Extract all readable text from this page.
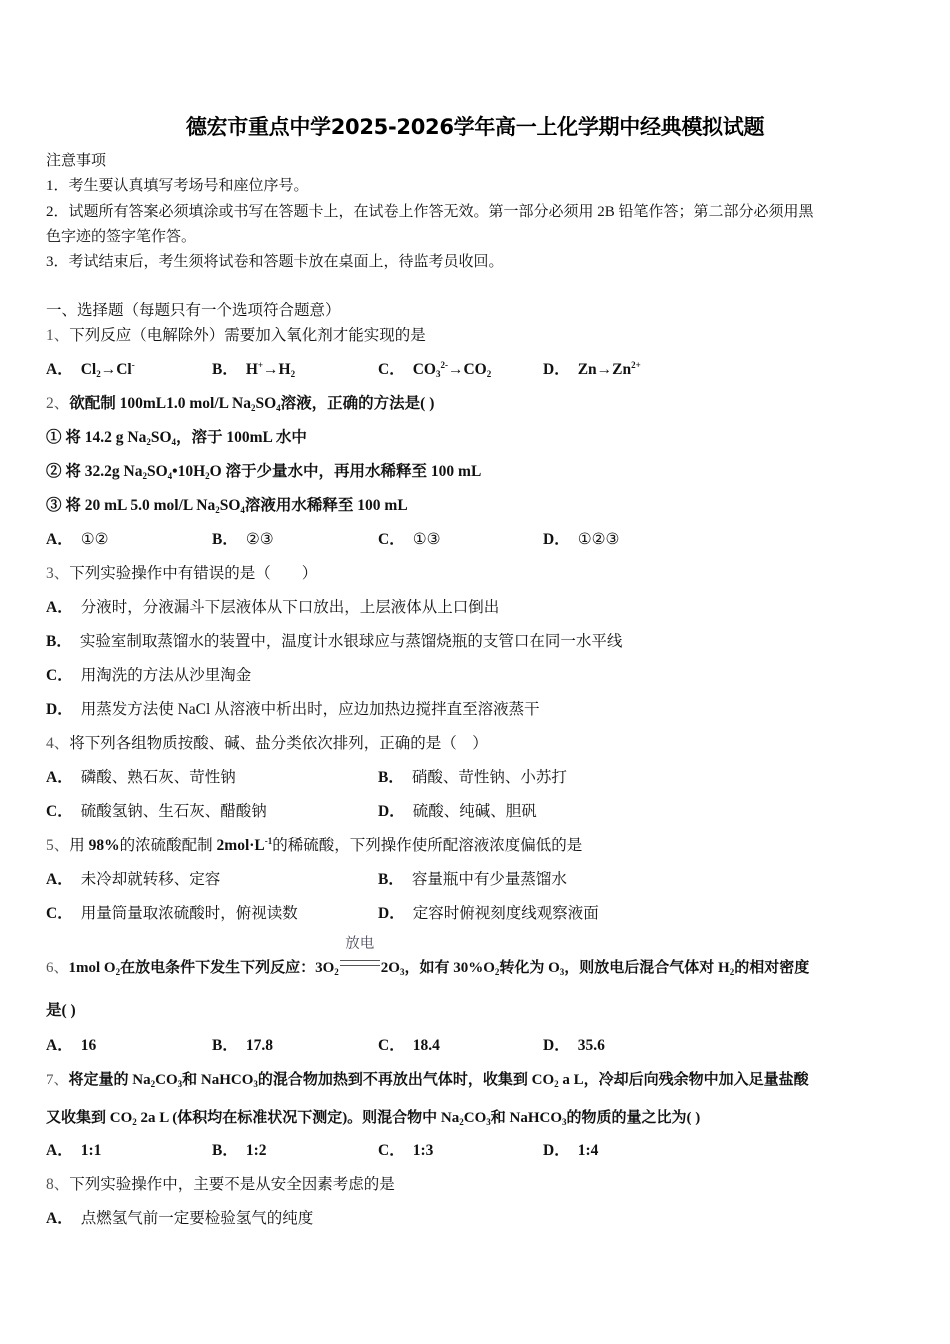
德宏市重点中学2025-2026学年高一上化学期中经典模拟试题
注意事项
1．考生要认真填写考场号和座位序号。
2．试题所有答案必须填涂或书写在答题卡上，在试卷上作答无效。第一部分必须用 2B 铅笔作答；第二部分必须用黑
色字迹的签字笔作答。
3．考试结束后，考生须将试卷和答题卡放在桌面上，待监考员收回。
一、选择题（每题只有一个选项符合题意）
1、下列反应（电解除外）需要加入氧化剂才能实现的是
A． $Cl_2\to Cl^-$	B． $H^+\to H_2$	C． $CO_3^{2-}\to CO_2$	D． $Zn\to Zn^{2+}$
2、欲配制 100mL1.0 mol/L $Na_2SO_4$溶液，正确的方法是( )
① 将 14.2 g $Na_2SO_4$，溶于 100mL 水中
② 将 32.2g $Na_2SO_4•10H_2O$ 溶于少量水中，再用水稀释至 100 mL
③ 将 20 mL 5.0 mol/L $Na_2SO_4$溶液用水稀释至 100 mL
A． ①②	B． ②③	C． ①③	D． ①②③
3、下列实验操作中有错误的是（　　）
A． 分液时，分液漏斗下层液体从下口放出，上层液体从上口倒出
B． 实验室制取蒸馏水的装置中，温度计水银球应与蒸馏烧瓶的支管口在同一水平线
C． 用淘洗的方法从沙里淘金
D． 用蒸发方法使 NaCl 从溶液中析出时，应边加热边搅拌直至溶液蒸干
4、将下列各组物质按酸、碱、盐分类依次排列，正确的是（　）
A． 磷酸、熟石灰、苛性钠	B． 硝酸、苛性钠、小苏打
C． 硫酸氢钠、生石灰、醋酸钠	D． 硫酸、纯碱、胆矾
5、用 98%的浓硫酸配制 $2mol\cdot L^{-1}$的稀硫酸，下列操作使所配溶液浓度偏低的是
A． 未冷却就转移、定容	B． 容量瓶中有少量蒸馏水
C． 用量筒量取浓硫酸时，俯视读数	D． 定容时俯视刻度线观察液面
6、1mol $O_2$在放电条件下发生下列反应：$3O_2$
放电
$2O_3$，如有 $30\%O_2$转化为 $O_3$，则放电后混合气体对 $H_2$的相对密度
是( )
A． 16	B． 17.8	C． 18.4	D． 35.6
7、将定量的 $Na_2CO_3$和 NaHCO$_3$的混合物加热到不再放出气体时，收集到 $CO_2$ a L，冷却后向残余物中加入足量盐酸
又收集到 $CO_2$ 2a L (体积均在标准状况下测定)。则混合物中 $Na_2CO_3$和 NaHCO$_3$的物质的量之比为( )
A． 1:1	B． 1:2	C． 1:3	D． 1:4
8、下列实验操作中，主要不是从安全因素考虑的是
A． 点燃氢气前一定要检验氢气的纯度
